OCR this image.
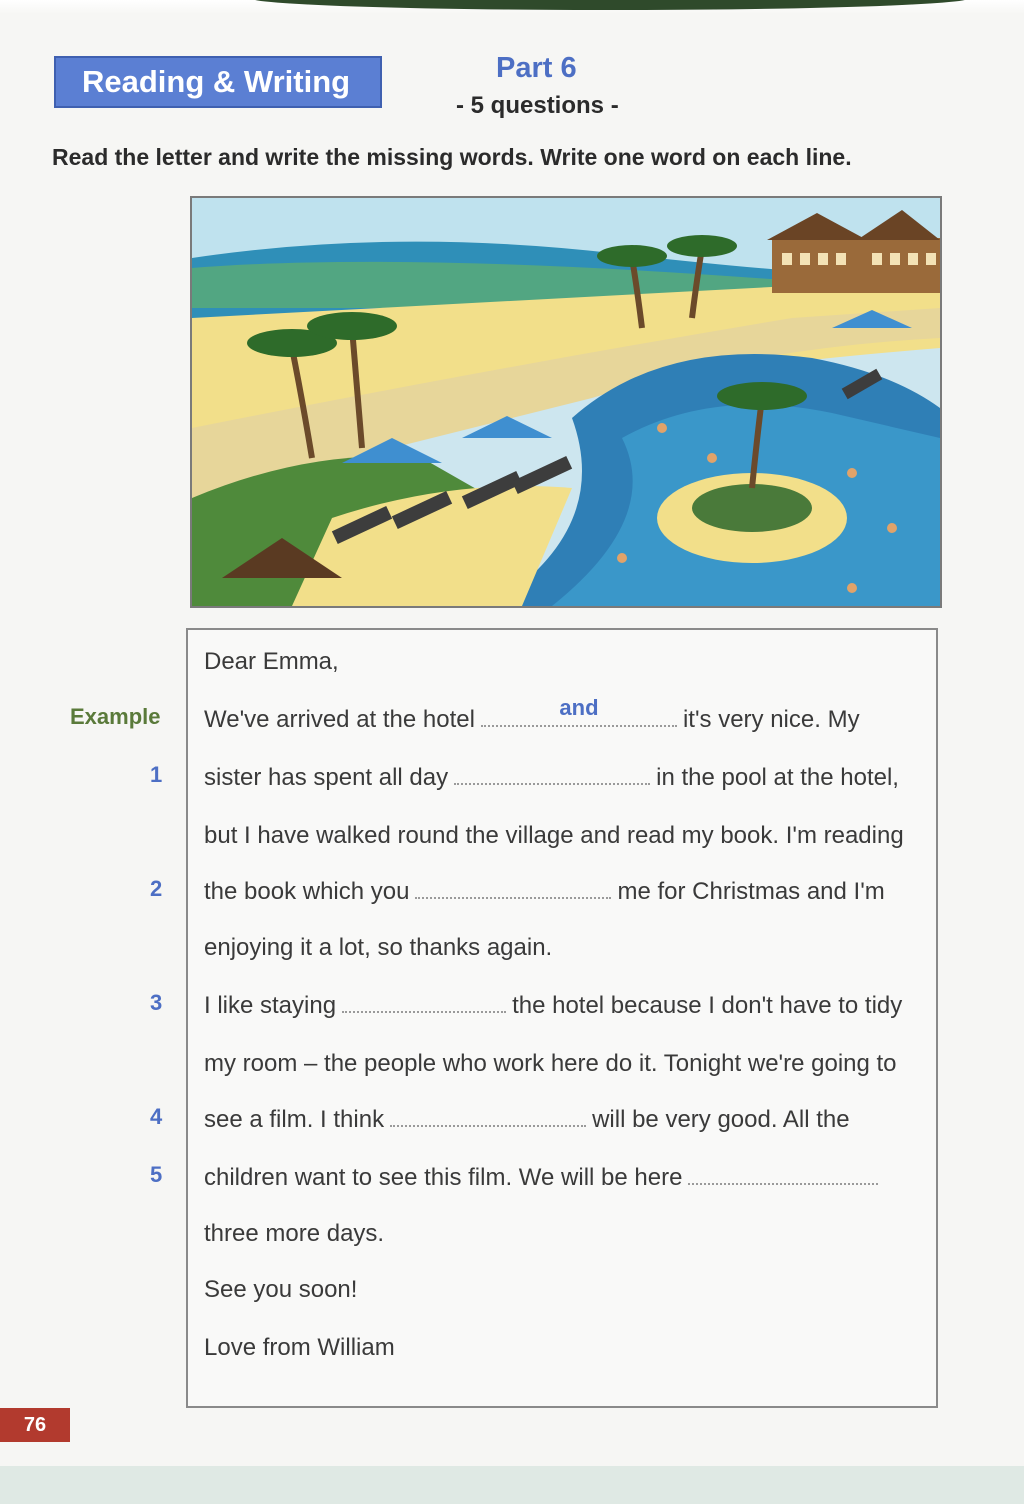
Reading & Writing	Part 6
- 5 questions -
Read the letter and write the missing words. Write one word on each line.
Dear Emma,
Example We've arrived at the hotel	and	it's very nice. My
1 sister has spent all day	in the pool at the hotel,
but I have walked round the village and read my book. I'm reading
2 the book which you	me for Christmas and I'm
enjoying it a lot, so thanks again.
3 I like staying	the hotel because I don't have to tidy
my room – the people who work here do it. Tonight we're going to
4 see a film. I think	will be very good. All the
5 children want to see this film. We will be here
three more days.
See you soon!
Love from William
76
